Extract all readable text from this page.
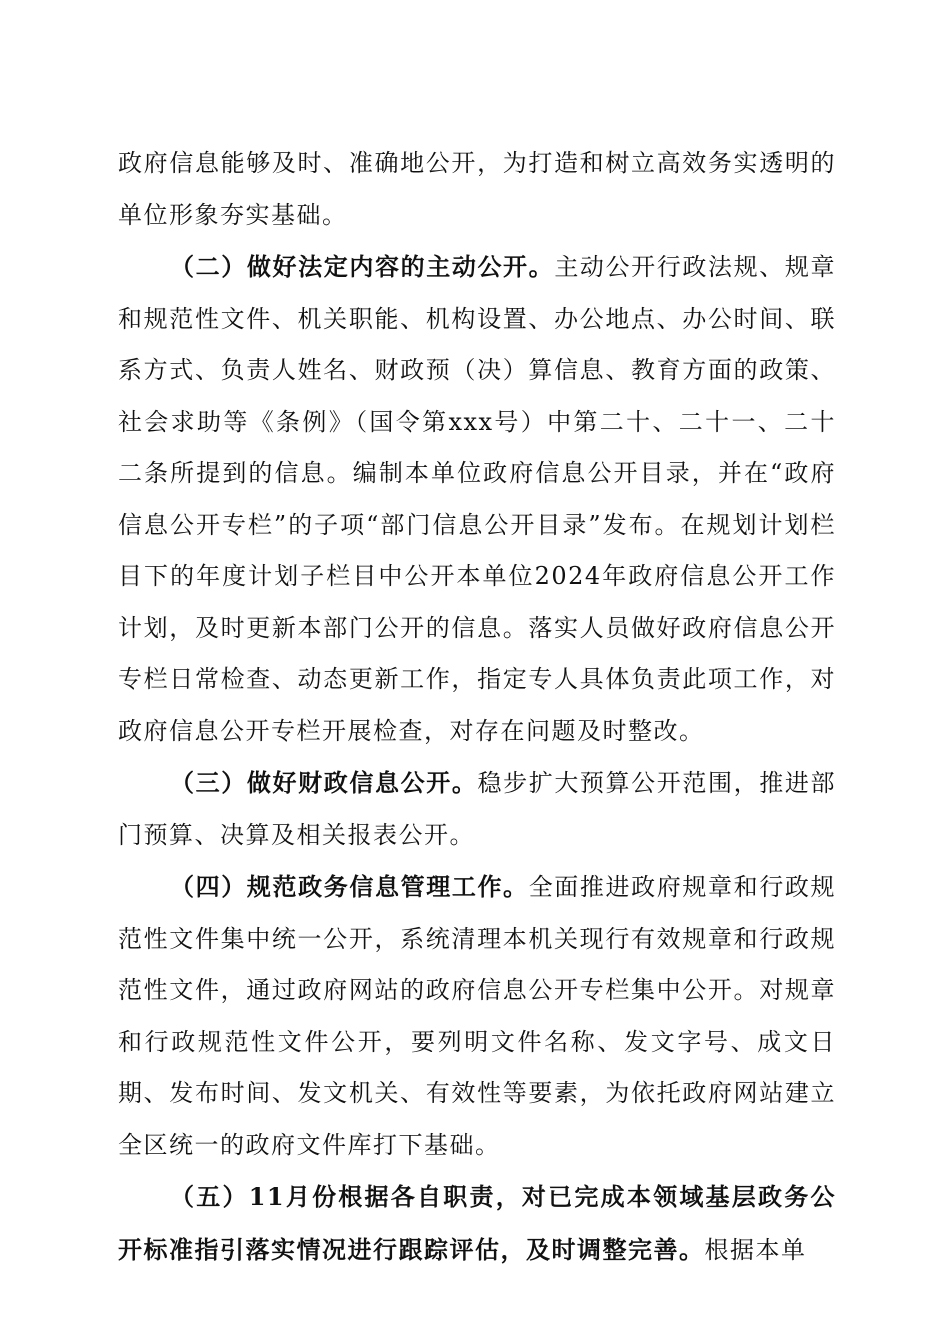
政府信息能够及时、准确地公开，为打造和树立高效务实透明的单位形象夯实基础。

（二）做好法定内容的主动公开。主动公开行政法规、规章和规范性文件、机关职能、机构设置、办公地点、办公时间、联系方式、负责人姓名、财政预（决）算信息、教育方面的政策、社会求助等《条例》（国令第xxx号）中第二十、二十一、二十二条所提到的信息。编制本单位政府信息公开目录，并在“政府信息公开专栏”的子项“部门信息公开目录”发布。在规划计划栏目下的年度计划子栏目中公开本单位2024年政府信息公开工作计划，及时更新本部门公开的信息。落实人员做好政府信息公开专栏日常检查、动态更新工作，指定专人具体负责此项工作，对政府信息公开专栏开展检查，对存在问题及时整改。

（三）做好财政信息公开。稳步扩大预算公开范围，推进部门预算、决算及相关报表公开。

（四）规范政务信息管理工作。全面推进政府规章和行政规范性文件集中统一公开，系统清理本机关现行有效规章和行政规范性文件，通过政府网站的政府信息公开专栏集中公开。对规章和行政规范性文件公开，要列明文件名称、发文字号、成文日期、发布时间、发文机关、有效性等要素，为依托政府网站建立全区统一的政府文件库打下基础。

（五）11月份根据各自职责，对已完成本领域基层政务公开标准指引落实情况进行跟踪评估，及时调整完善。根据本单
